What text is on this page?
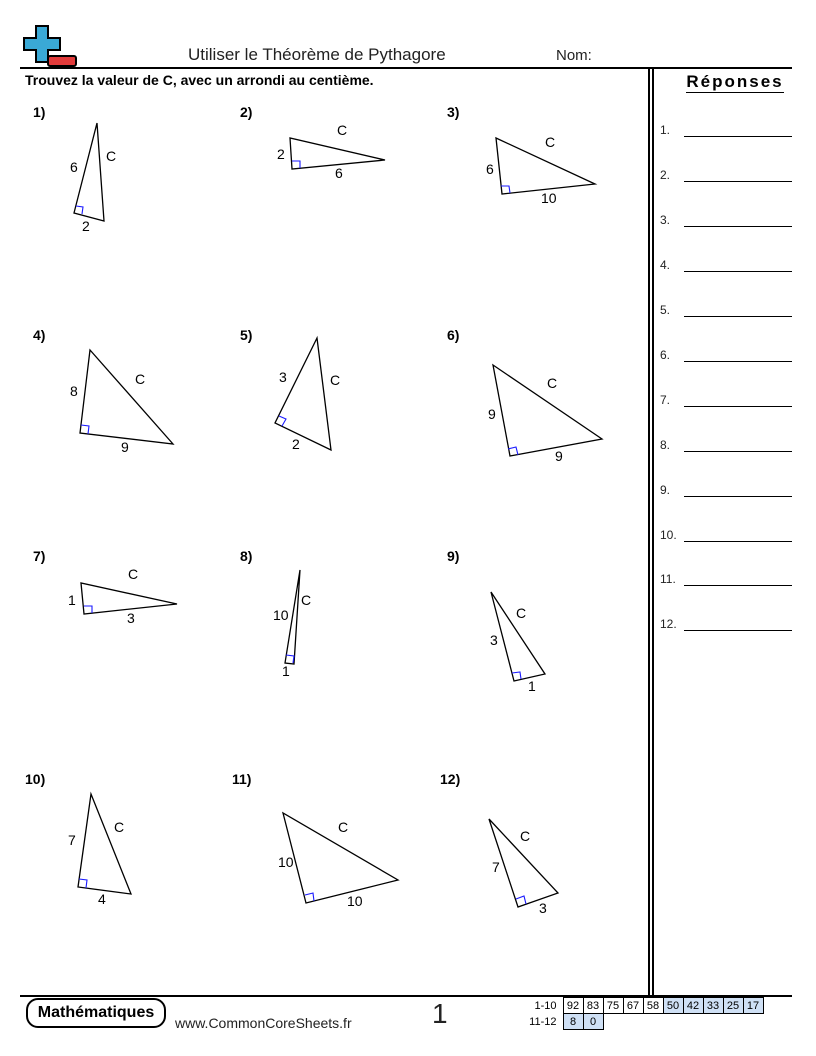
Utiliser le Théorème de Pythagore	Nom:
Trouvez la valeur de C, avec un arrondi au centième.	Réponses
1.
2.
3.
4.
5.
6.
7.
8.
9.
10.
11.
12.
1)	2)	3)
4)	5)	6)
7)	8)	9)
10)	11)	12)
6
2
C	2
6
C
6
10
C
8
9
C	3
2
C
9
9
C
1
3
C
10
1
C
3
1
C
7
4
C
10
10
C
7
3
C
Mathématiques
www.CommonCoreSheets.fr	1	1-10	92	83	75	67	58	50	42	33	25	17
11-12	8	0								
